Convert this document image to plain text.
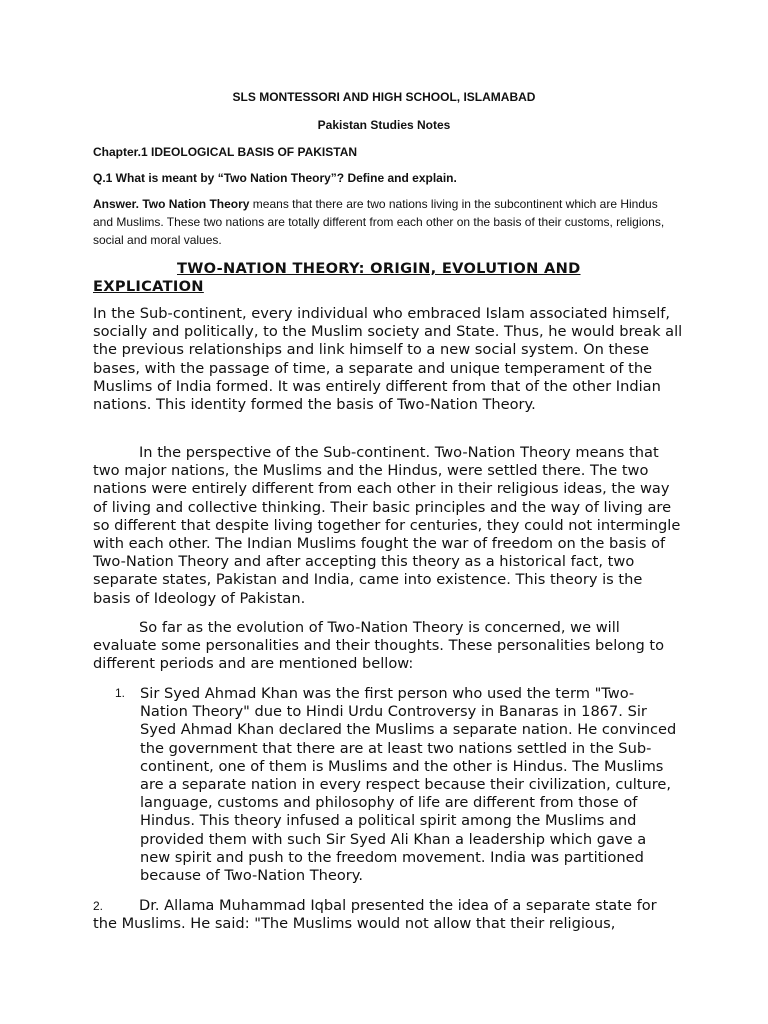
SLS MONTESSORI AND HIGH SCHOOL, ISLAMABAD
Pakistan Studies Notes
Chapter.1 IDEOLOGICAL BASIS OF PAKISTAN
Q.1 What is meant by “Two Nation Theory”? Define and explain.
Answer. Two Nation Theory means that there are two nations living in the subcontinent which are Hindus and Muslims. These two nations are totally different from each other on the basis of their customs, religions, social and moral values.
TWO-NATION THEORY: ORIGIN, EVOLUTION AND EXPLICATION

In the Sub-continent, every individual who embraced Islam associated himself, socially and politically, to the Muslim society and State. Thus, he would break all the previous relationships and link himself to a new social system. On these bases, with the passage of time, a separate and unique temperament of the Muslims of India formed. It was entirely different from that of the other Indian nations. This identity formed the basis of Two-Nation Theory.

In the perspective of the Sub-continent. Two-Nation Theory means that two major nations, the Muslims and the Hindus, were settled there. The two nations were entirely different from each other in their religious ideas, the way of living and collective thinking. Their basic principles and the way of living are so different that despite living together for centuries, they could not intermingle with each other. The Indian Muslims fought the war of freedom on the basis of Two-Nation Theory and after accepting this theory as a historical fact, two separate states, Pakistan and India, came into existence. This theory is the basis of Ideology of Pakistan.

So far as the evolution of Two-Nation Theory is concerned, we will evaluate some personalities and their thoughts. These personalities belong to different periods and are mentioned bellow:

1. Sir Syed Ahmad Khan was the first person who used the term "Two-Nation Theory" due to Hindi Urdu Controversy in Banaras in 1867. Sir Syed Ahmad Khan declared the Muslims a separate nation. He convinced the government that there are at least two nations settled in the Sub-continent, one of them is Muslims and the other is Hindus. The Muslims are a separate nation in every respect because their civilization, culture, language, customs and philosophy of life are different from those of Hindus. This theory infused a political spirit among the Muslims and provided them with such Sir Syed Ali Khan a leadership which gave a new spirit and push to the freedom movement. India was partitioned because of Two-Nation Theory.
2. Dr. Allama Muhammad Iqbal presented the idea of a separate state for the Muslims. He said: "The Muslims would not allow that their religious,
